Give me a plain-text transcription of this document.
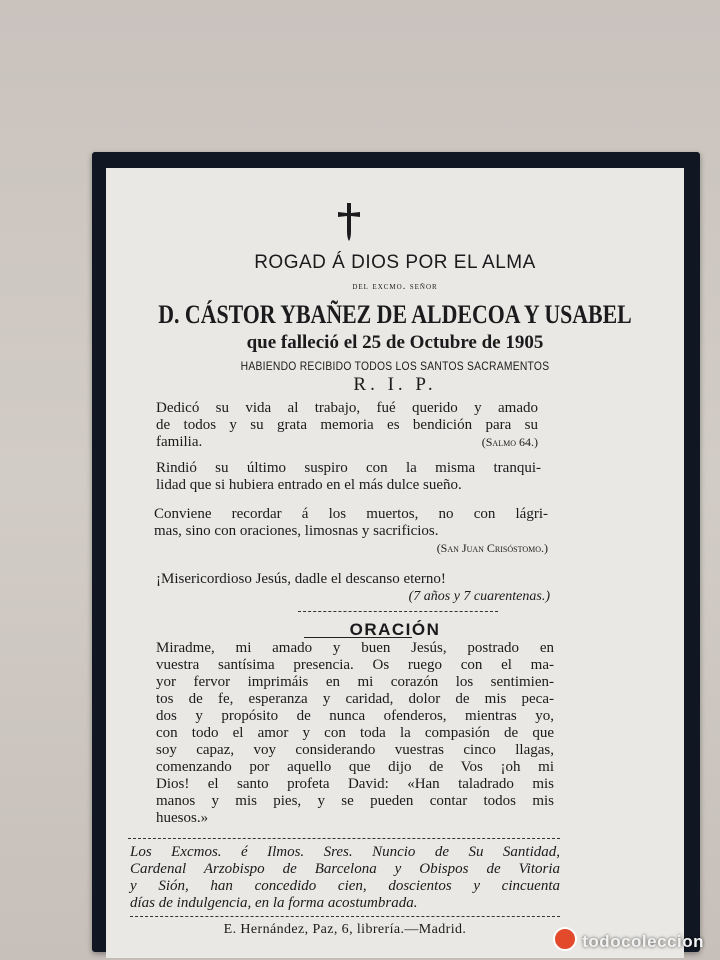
ROGAD Á DIOS POR EL ALMA
del excmo. señor
D. CÁSTOR YBAÑEZ DE ALDECOA Y USABEL
que falleció el 25 de Octubre de 1905
HABIENDO RECIBIDO TODOS LOS SANTOS SACRAMENTOS
R. I. P.
Dedicó su vida al trabajo, fué querido y amado
de todos y su grata memoria es bendición para su
familia.	(Salmo 64.)
Rindió su último suspiro con la misma tranqui-
lidad que si hubiera entrado en el más dulce sueño.
Conviene recordar á los muertos, no con lágri-
mas, sino con oraciones, limosnas y sacrificios.
(San Juan Crisóstomo.)
¡Misericordioso Jesús, dadle el descanso eterno!
(7 años y 7 cuarentenas.)
ORACIÓN
Miradme, mi amado y buen Jesús, postrado en
vuestra santísima presencia. Os ruego con el ma-
yor fervor imprimáis en mi corazón los sentimien-
tos de fe, esperanza y caridad, dolor de mis peca-
dos y propósito de nunca ofenderos, mientras yo,
con todo el amor y con toda la compasión de que
soy capaz, voy considerando vuestras cinco llagas,
comenzando por aquello que dijo de Vos ¡oh mi
Dios! el santo profeta David: «Han taladrado mis
manos y mis pies, y se pueden contar todos mis
huesos.»
Los Excmos. é Ilmos. Sres. Nuncio de Su Santidad,
Cardenal Arzobispo de Barcelona y Obispos de Vitoria
y Sión, han concedido cien, doscientos y cincuenta
días de indulgencia, en la forma acostumbrada.
E. Hernández, Paz, 6, librería.—Madrid.
todocoleccion
